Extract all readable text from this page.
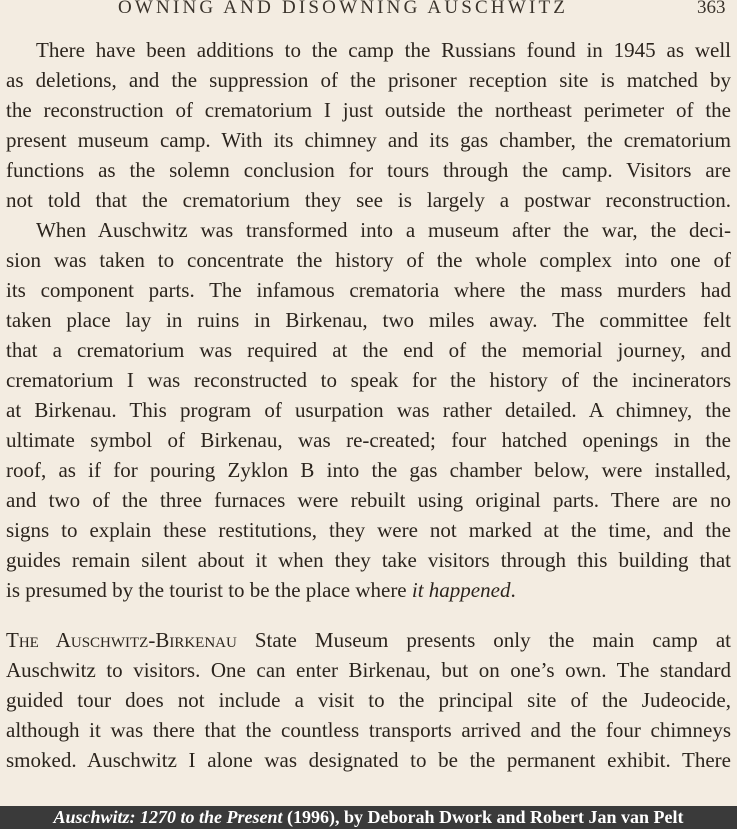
OWNING AND DISOWNING AUSCHWITZ	363
There have been additions to the camp the Russians found in 1945 as well
as deletions, and the suppression of the prisoner reception site is matched by
the reconstruction of crematorium I just outside the northeast perimeter of the
present museum camp. With its chimney and its gas chamber, the crematorium
functions as the solemn conclusion for tours through the camp. Visitors are
not told that the crematorium they see is largely a postwar reconstruction.
When Auschwitz was transformed into a museum after the war, the deci-
sion was taken to concentrate the history of the whole complex into one of
its component parts. The infamous crematoria where the mass murders had
taken place lay in ruins in Birkenau, two miles away. The committee felt
that a crematorium was required at the end of the memorial journey, and
crematorium I was reconstructed to speak for the history of the incinerators
at Birkenau. This program of usurpation was rather detailed. A chimney, the
ultimate symbol of Birkenau, was re-created; four hatched openings in the
roof, as if for pouring Zyklon B into the gas chamber below, were installed,
and two of the three furnaces were rebuilt using original parts. There are no
signs to explain these restitutions, they were not marked at the time, and the
guides remain silent about it when they take visitors through this building that
is presumed by the tourist to be the place where it happened.
The Auschwitz-Birkenau State Museum presents only the main camp at
Auschwitz to visitors. One can enter Birkenau, but on one’s own. The standard
guided tour does not include a visit to the principal site of the Judeocide,
although it was there that the countless transports arrived and the four chimneys
smoked. Auschwitz I alone was designated to be the permanent exhibit. There
Auschwitz: 1270 to the Present (1996), by Deborah Dwork and Robert Jan van Pelt
